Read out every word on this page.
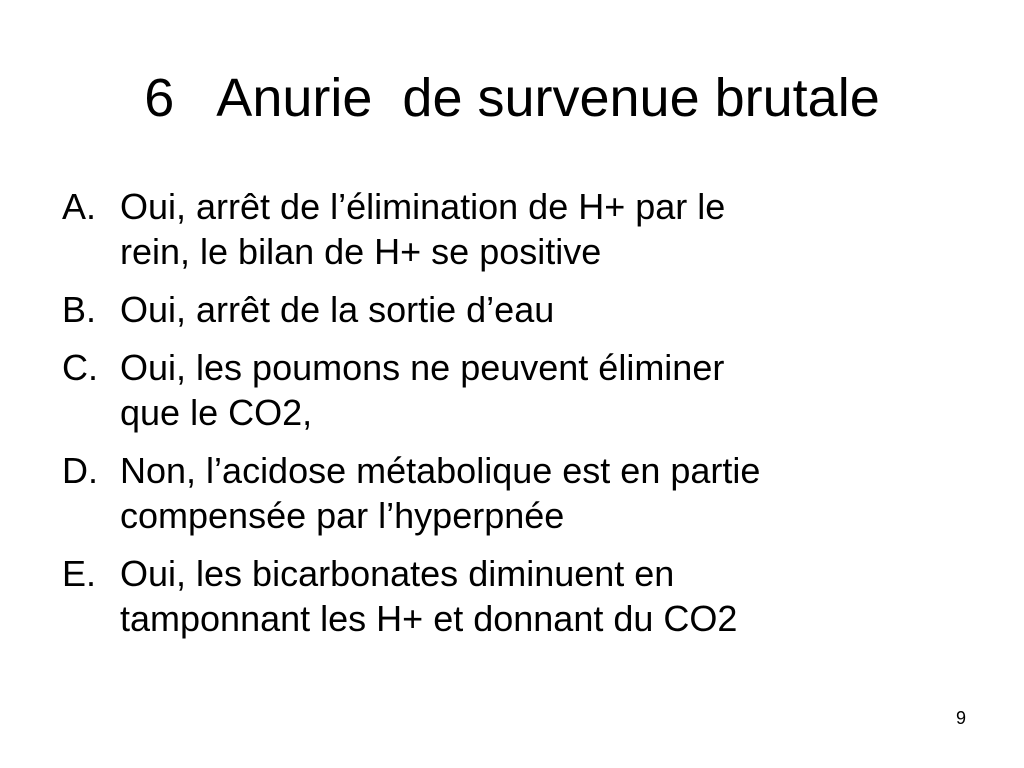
6   Anurie  de survenue brutale
A. Oui, arrêt de l’élimination de H+ par le
rein, le bilan de H+ se positive
B. Oui, arrêt de la sortie d’eau
C. Oui, les poumons ne peuvent éliminer
que le CO2,
D. Non, l’acidose métabolique est en partie
compensée par l’hyperpnée
E. Oui, les bicarbonates diminuent en
tamponnant les H+ et donnant du CO2
9
